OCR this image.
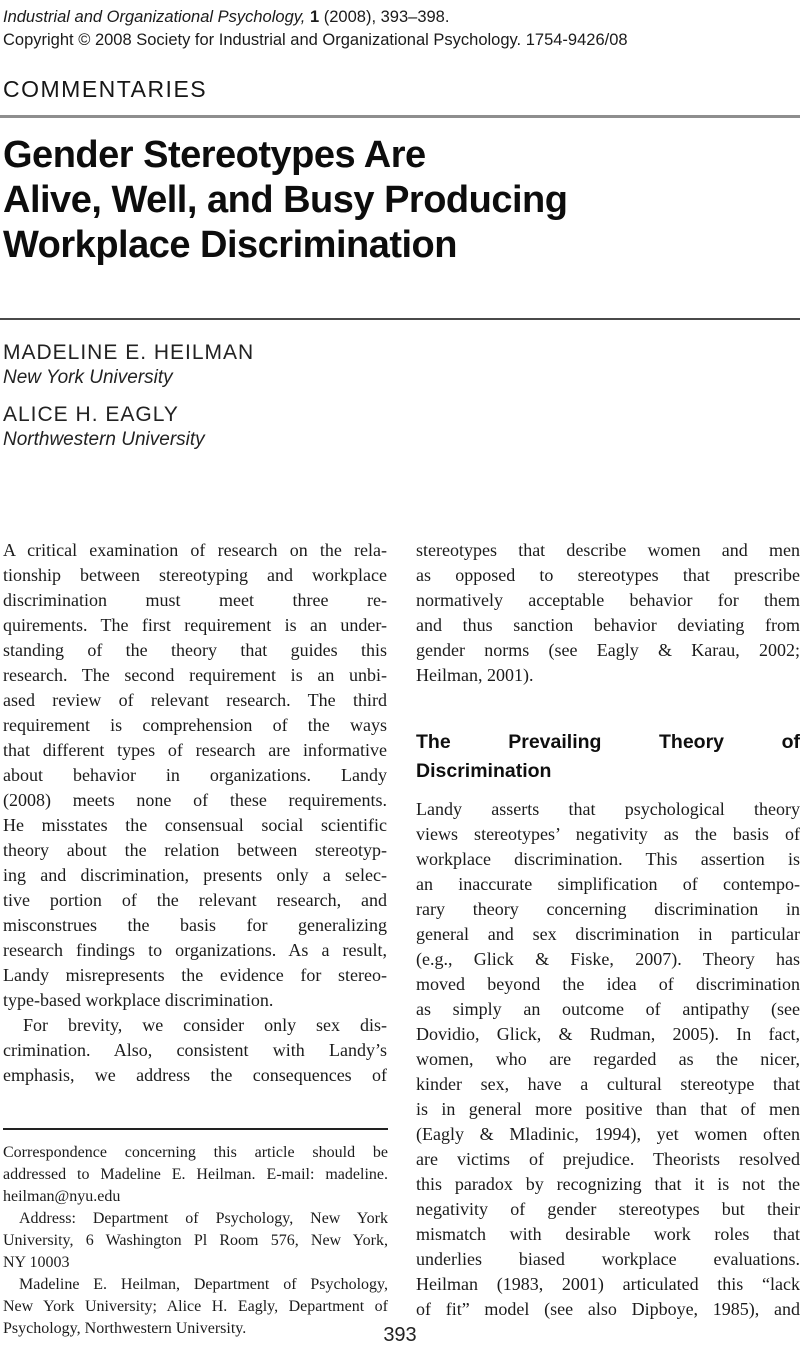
Industrial and Organizational Psychology, 1 (2008), 393–398.
Copyright © 2008 Society for Industrial and Organizational Psychology. 1754-9426/08
COMMENTARIES
Gender Stereotypes Are
Alive, Well, and Busy Producing
Workplace Discrimination
MADELINE E. HEILMAN
New York University
ALICE H. EAGLY
Northwestern University
A critical examination of research on the rela-
tionship between stereotyping and workplace
discrimination must meet three re-
quirements. The first requirement is an under-
standing of the theory that guides this
research. The second requirement is an unbi-
ased review of relevant research. The third
requirement is comprehension of the ways
that different types of research are informative
about behavior in organizations. Landy
(2008) meets none of these requirements.
He misstates the consensual social scientific
theory about the relation between stereotyp-
ing and discrimination, presents only a selec-
tive portion of the relevant research, and
misconstrues the basis for generalizing
research findings to organizations. As a result,
Landy misrepresents the evidence for stereo-
type-based workplace discrimination.
For brevity, we consider only sex dis-
crimination. Also, consistent with Landy’s
emphasis, we address the consequences of
stereotypes that describe women and men
as opposed to stereotypes that prescribe
normatively acceptable behavior for them
and thus sanction behavior deviating from
gender norms (see Eagly & Karau, 2002;
Heilman, 2001).
The Prevailing Theory of
Discrimination
Landy asserts that psychological theory
views stereotypes’ negativity as the basis of
workplace discrimination. This assertion is
an inaccurate simplification of contempo-
rary theory concerning discrimination in
general and sex discrimination in particular
(e.g., Glick & Fiske, 2007). Theory has
moved beyond the idea of discrimination
as simply an outcome of antipathy (see
Dovidio, Glick, & Rudman, 2005). In fact,
women, who are regarded as the nicer,
kinder sex, have a cultural stereotype that
is in general more positive than that of men
(Eagly & Mladinic, 1994), yet women often
are victims of prejudice. Theorists resolved
this paradox by recognizing that it is not the
negativity of gender stereotypes but their
mismatch with desirable work roles that
underlies biased workplace evaluations.
Heilman (1983, 2001) articulated this “lack
of fit” model (see also Dipboye, 1985), and
Correspondence concerning this article should be
addressed to Madeline E. Heilman. E-mail: madeline.
heilman@nyu.edu
Address: Department of Psychology, New York
University, 6 Washington Pl Room 576, New York,
NY 10003
Madeline E. Heilman, Department of Psychology,
New York University; Alice H. Eagly, Department of
Psychology, Northwestern University.	393
